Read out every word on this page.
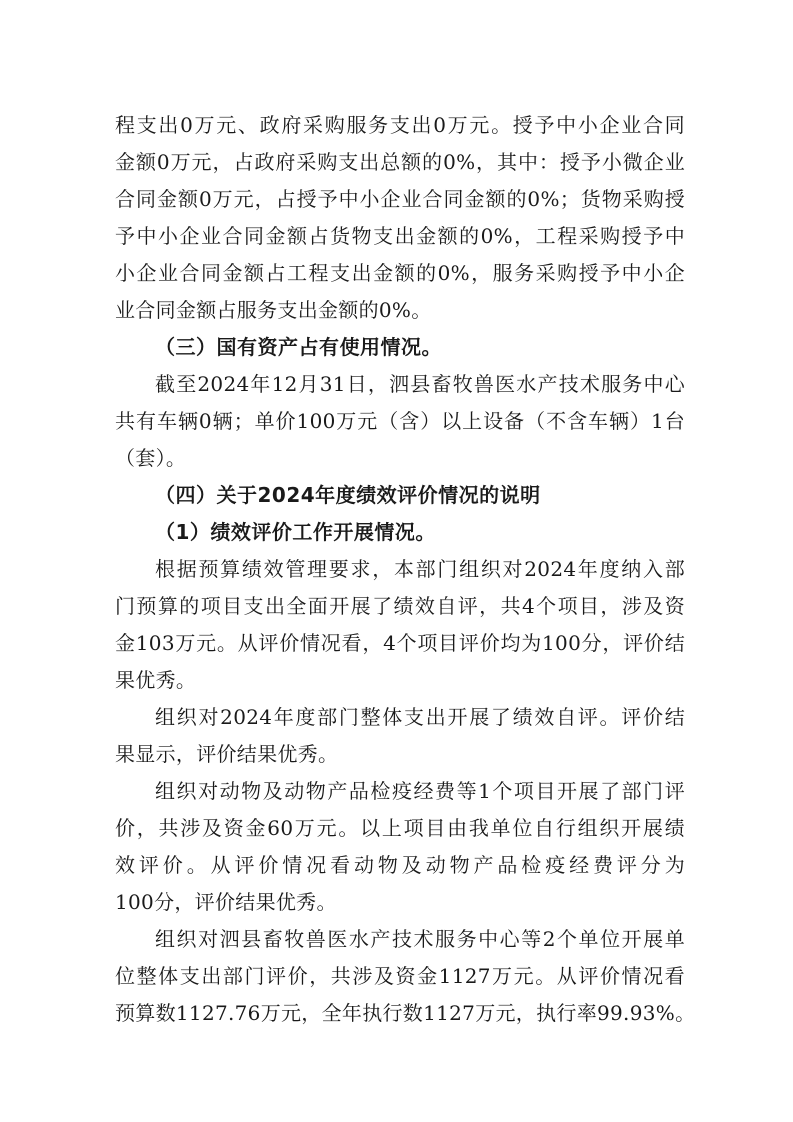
程支出0万元、政府采购服务支出0万元。授予中小企业合同
金额0万元，占政府采购支出总额的0%，其中：授予小微企业
合同金额0万元，占授予中小企业合同金额的0%；货物采购授
予中小企业合同金额占货物支出金额的0%，工程采购授予中
小企业合同金额占工程支出金额的0%，服务采购授予中小企
业合同金额占服务支出金额的0%。
（三）国有资产占有使用情况。
截至2024年12月31日，泗县畜牧兽医水产技术服务中心
共有车辆0辆；单价100万元（含）以上设备（不含车辆）1台
（套）。
（四）关于2024年度绩效评价情况的说明
（1）绩效评价工作开展情况。
根据预算绩效管理要求，本部门组织对2024年度纳入部
门预算的项目支出全面开展了绩效自评，共4个项目，涉及资
金103万元。从评价情况看，4个项目评价均为100分，评价结
果优秀。
组织对2024年度部门整体支出开展了绩效自评。评价结
果显示，评价结果优秀。
组织对动物及动物产品检疫经费等1个项目开展了部门评
价，共涉及资金60万元。以上项目由我单位自行组织开展绩
效评价。从评价情况看动物及动物产品检疫经费评分为
100分，评价结果优秀。
组织对泗县畜牧兽医水产技术服务中心等2个单位开展单
位整体支出部门评价，共涉及资金1127万元。从评价情况看
预算数1127.76万元，全年执行数1127万元，执行率99.93%。
